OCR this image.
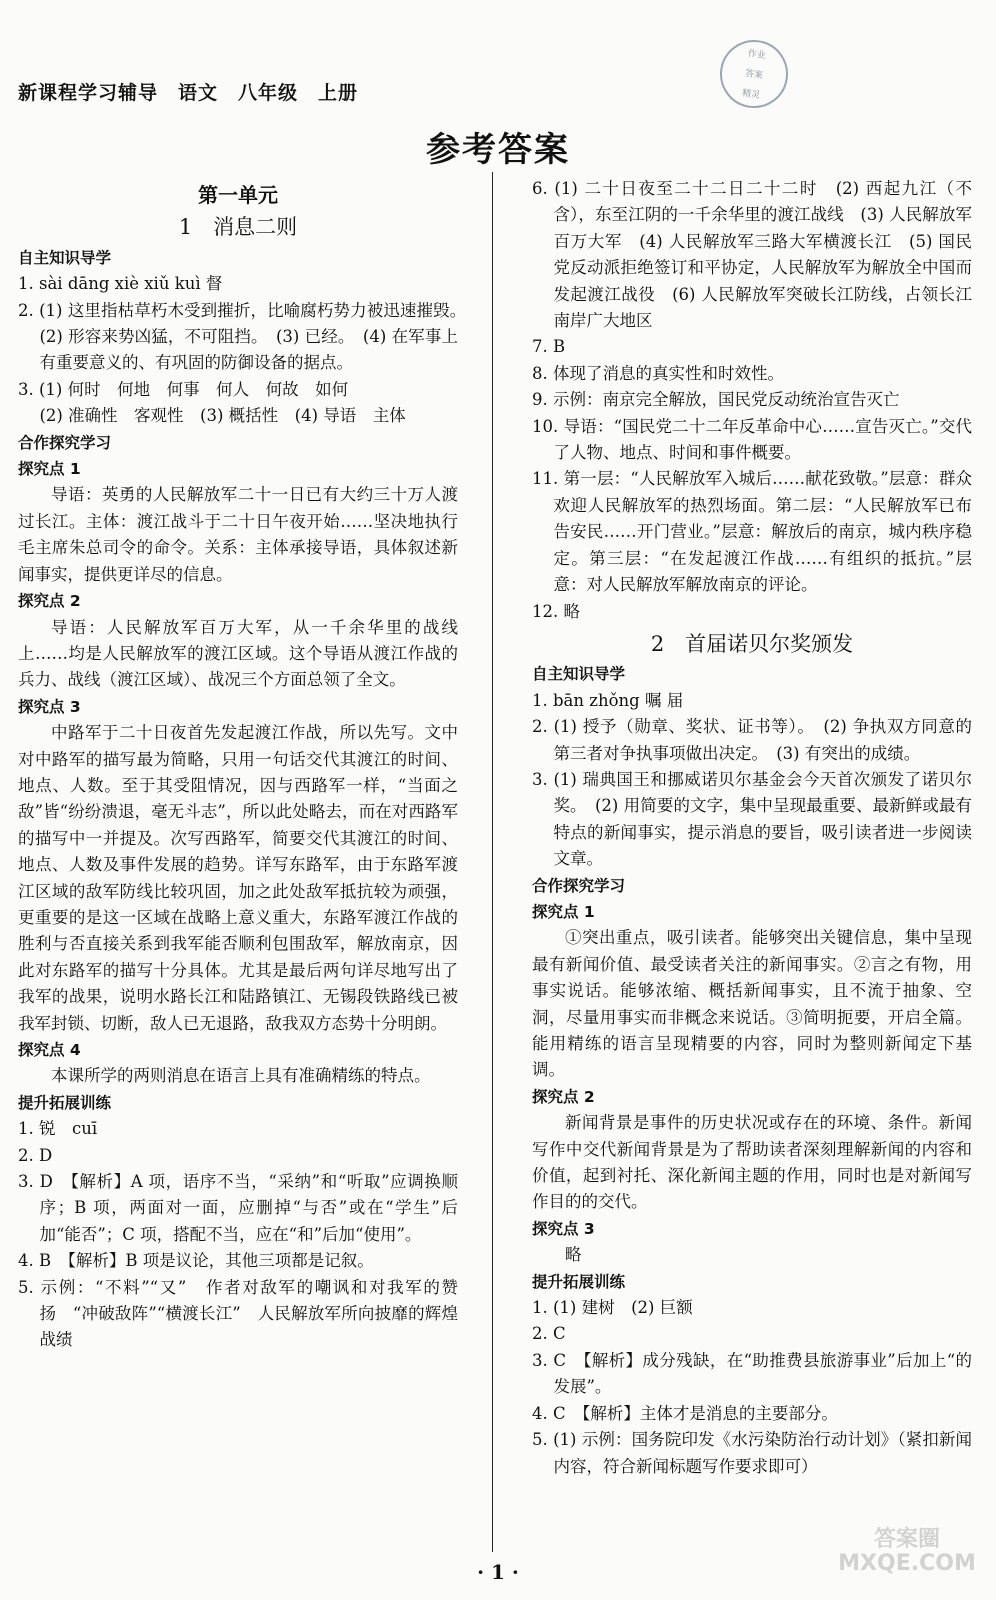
新课程学习辅导　语文　八年级　上册
作业
答案
精灵
参考答案
第一单元
1　消息二则
自主知识导学

1. sài dāng xiè xiǔ kuì 督

2. (1) 这里指枯草朽木受到摧折，比喻腐朽势力被迅速摧毁。　(2) 形容来势凶猛，不可阻挡。　(3) 已经。　(4) 在军事上有重要意义的、有巩固的防御设备的据点。

3. (1) 何时　何地　何事　何人　何故　如何

(2) 准确性　客观性　(3) 概括性　(4) 导语　主体

合作探究学习
探究点 1

导语：英勇的人民解放军二十一日已有大约三十万人渡过长江。主体：渡江战斗于二十日午夜开始……坚决地执行毛主席朱总司令的命令。关系：主体承接导语，具体叙述新闻事实，提供更详尽的信息。

探究点 2

导语：人民解放军百万大军，从一千余华里的战线上……均是人民解放军的渡江区域。这个导语从渡江作战的兵力、战线（渡江区域）、战况三个方面总领了全文。

探究点 3

中路军于二十日夜首先发起渡江作战，所以先写。文中对中路军的描写最为简略，只用一句话交代其渡江的时间、地点、人数。至于其受阻情况，因与西路军一样，“当面之敌”皆“纷纷溃退，毫无斗志”，所以此处略去，而在对西路军的描写中一并提及。次写西路军，简要交代其渡江的时间、地点、人数及事件发展的趋势。详写东路军，由于东路军渡江区域的敌军防线比较巩固，加之此处敌军抵抗较为顽强，更重要的是这一区域在战略上意义重大，东路军渡江作战的胜利与否直接关系到我军能否顺利包围敌军，解放南京，因此对东路军的描写十分具体。尤其是最后两句详尽地写出了我军的战果，说明水路长江和陆路镇江、无锡段铁路线已被我军封锁、切断，敌人已无退路，敌我双方态势十分明朗。

探究点 4

本课所学的两则消息在语言上具有准确精练的特点。

提升拓展训练

1. 锐　cuī

2. D

3. D　【解析】A 项，语序不当，“采纳”和“听取”应调换顺序；B 项，两面对一面，应删掉“与否”或在“学生”后加“能否”；C 项，搭配不当，应在“和”后加“使用”。

4. B　【解析】B 项是议论，其他三项都是记叙。

5. 示例：“不料”“又”　作者对敌军的嘲讽和对我军的赞扬　“冲破敌阵”“横渡长江”　人民解放军所向披靡的辉煌战绩

6. (1) 二十日夜至二十二日二十二时　(2) 西起九江（不含），东至江阴的一千余华里的渡江战线　(3) 人民解放军百万大军　(4) 人民解放军三路大军横渡长江　(5) 国民党反动派拒绝签订和平协定，人民解放军为解放全中国而发起渡江战役　(6) 人民解放军突破长江防线，占领长江南岸广大地区

7. B

8. 体现了消息的真实性和时效性。

9. 示例：南京完全解放，国民党反动统治宣告灭亡

10. 导语：“国民党二十二年反革命中心……宣告灭亡。”交代了人物、地点、时间和事件概要。

11. 第一层：“人民解放军入城后……献花致敬。”层意：群众欢迎人民解放军的热烈场面。第二层：“人民解放军已布告安民……开门营业。”层意：解放后的南京，城内秩序稳定。第三层：“在发起渡江作战……有组织的抵抗。”层意：对人民解放军解放南京的评论。

12. 略

2　首届诺贝尔奖颁发
自主知识导学

1. bān zhǒng 嘱 届

2. (1) 授予（勋章、奖状、证书等）。　(2) 争执双方同意的第三者对争执事项做出决定。　(3) 有突出的成绩。

3. (1) 瑞典国王和挪威诺贝尔基金会今天首次颁发了诺贝尔奖。　(2) 用简要的文字，集中呈现最重要、最新鲜或最有特点的新闻事实，提示消息的要旨，吸引读者进一步阅读文章。

合作探究学习
探究点 1

①突出重点，吸引读者。能够突出关键信息，集中呈现最有新闻价值、最受读者关注的新闻事实。②言之有物，用事实说话。能够浓缩、概括新闻事实，且不流于抽象、空洞，尽量用事实而非概念来说话。③简明扼要，开启全篇。能用精练的语言呈现精要的内容，同时为整则新闻定下基调。

探究点 2

新闻背景是事件的历史状况或存在的环境、条件。新闻写作中交代新闻背景是为了帮助读者深刻理解新闻的内容和价值，起到衬托、深化新闻主题的作用，同时也是对新闻写作目的的交代。

探究点 3

略

提升拓展训练

1. (1) 建树　(2) 巨额

2. C

3. C　【解析】成分残缺，在“助推费县旅游事业”后加上“的发展”。

4. C　【解析】主体才是消息的主要部分。

5. (1) 示例：国务院印发《水污染防治行动计划》（紧扣新闻内容，符合新闻标题写作要求即可）

· 1 ·
答案圈
MXQE.COM
